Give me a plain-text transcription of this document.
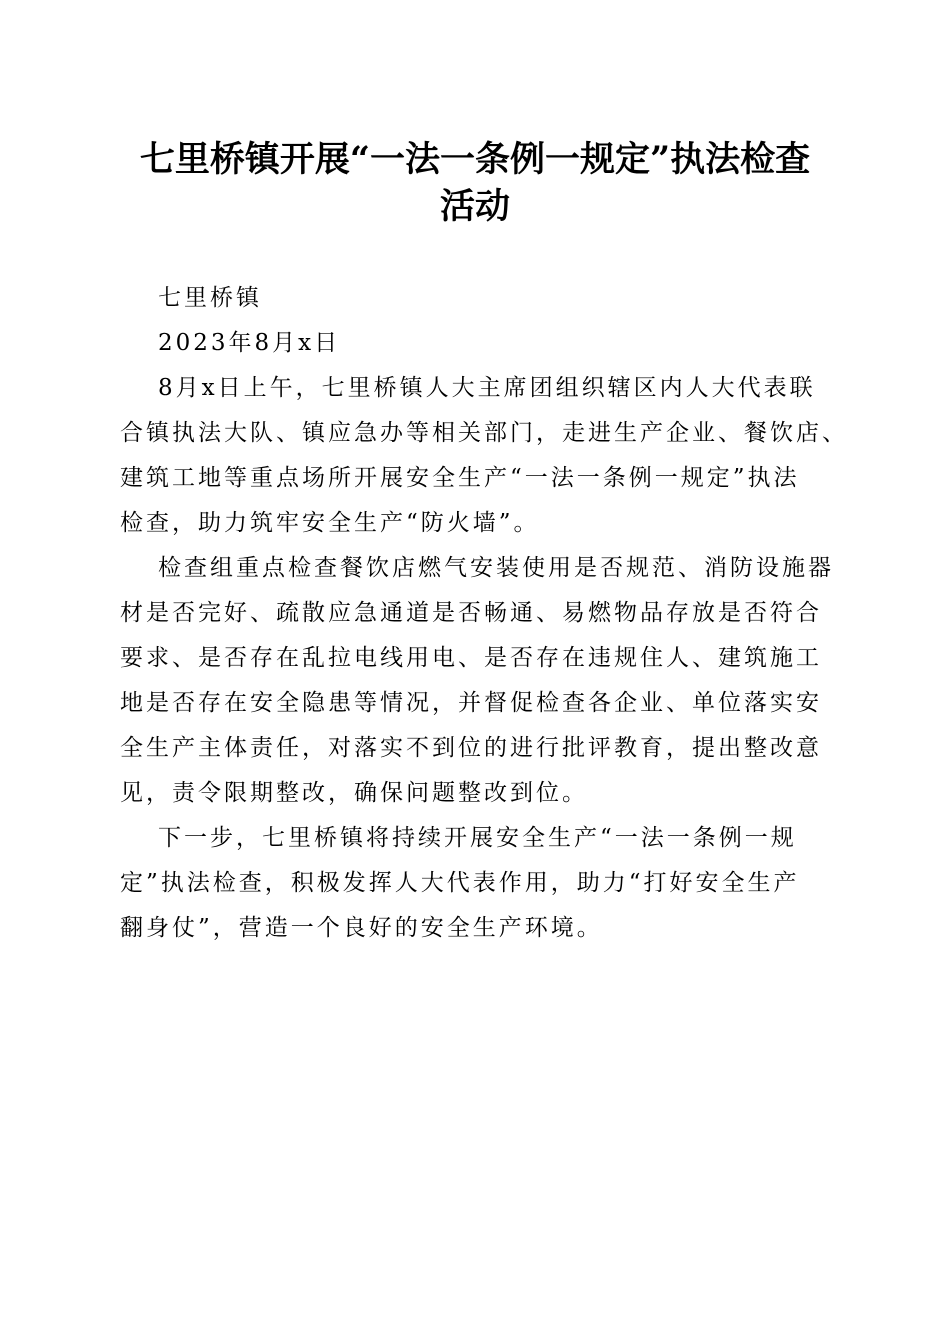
七里桥镇开展“一法一条例一规定”执法检查
活动
七里桥镇
2023年8月x日
8月x日上午，七里桥镇人大主席团组织辖区内人大代表联
合镇执法大队、镇应急办等相关部门，走进生产企业、餐饮店、
建筑工地等重点场所开展安全生产“一法一条例一规定”执法
检查，助力筑牢安全生产“防火墙”。
检查组重点检查餐饮店燃气安装使用是否规范、消防设施器
材是否完好、疏散应急通道是否畅通、易燃物品存放是否符合
要求、是否存在乱拉电线用电、是否存在违规住人、建筑施工
地是否存在安全隐患等情况，并督促检查各企业、单位落实安
全生产主体责任，对落实不到位的进行批评教育，提出整改意
见，责令限期整改，确保问题整改到位。
下一步，七里桥镇将持续开展安全生产“一法一条例一规
定”执法检查，积极发挥人大代表作用，助力“打好安全生产
翻身仗”，营造一个良好的安全生产环境。
